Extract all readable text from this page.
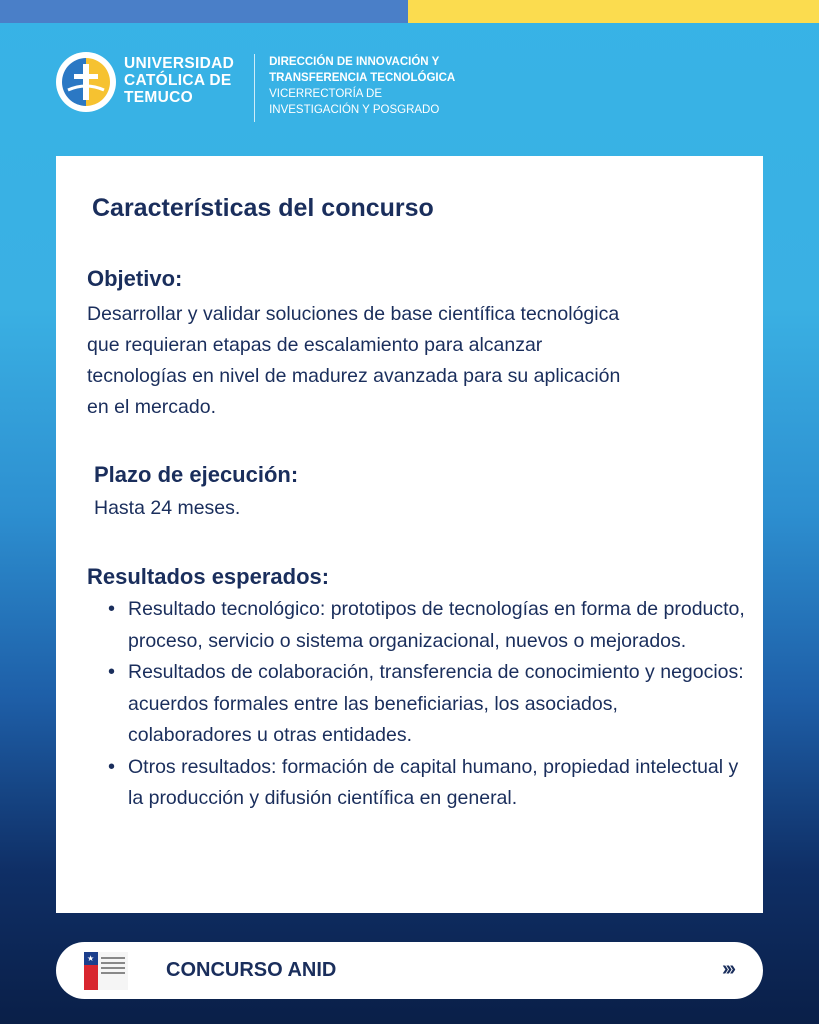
UNIVERSIDAD
CATÓLICA DE
TEMUCO
DIRECCIÓN DE INNOVACIÓN Y
TRANSFERENCIA TECNOLÓGICA
VICERRECTORÍA DE
INVESTIGACIÓN Y POSGRADO
Características del concurso
Objetivo:
Desarrollar y validar soluciones de base científica tecnológica
que requieran etapas de escalamiento para alcanzar
tecnologías en nivel de madurez avanzada para su aplicación
en el mercado.
Plazo de ejecución:
Hasta 24 meses.
Resultados esperados:
• Resultado tecnológico: prototipos de tecnologías en forma de producto, proceso, servicio o sistema organizacional, nuevos o mejorados.
• Resultados de colaboración, transferencia de conocimiento y negocios: acuerdos formales entre las beneficiarias, los asociados, colaboradores u otras entidades.
• Otros resultados: formación de capital humano, propiedad intelectual y la producción y difusión científica en general.
★
CONCURSO ANID	›››
